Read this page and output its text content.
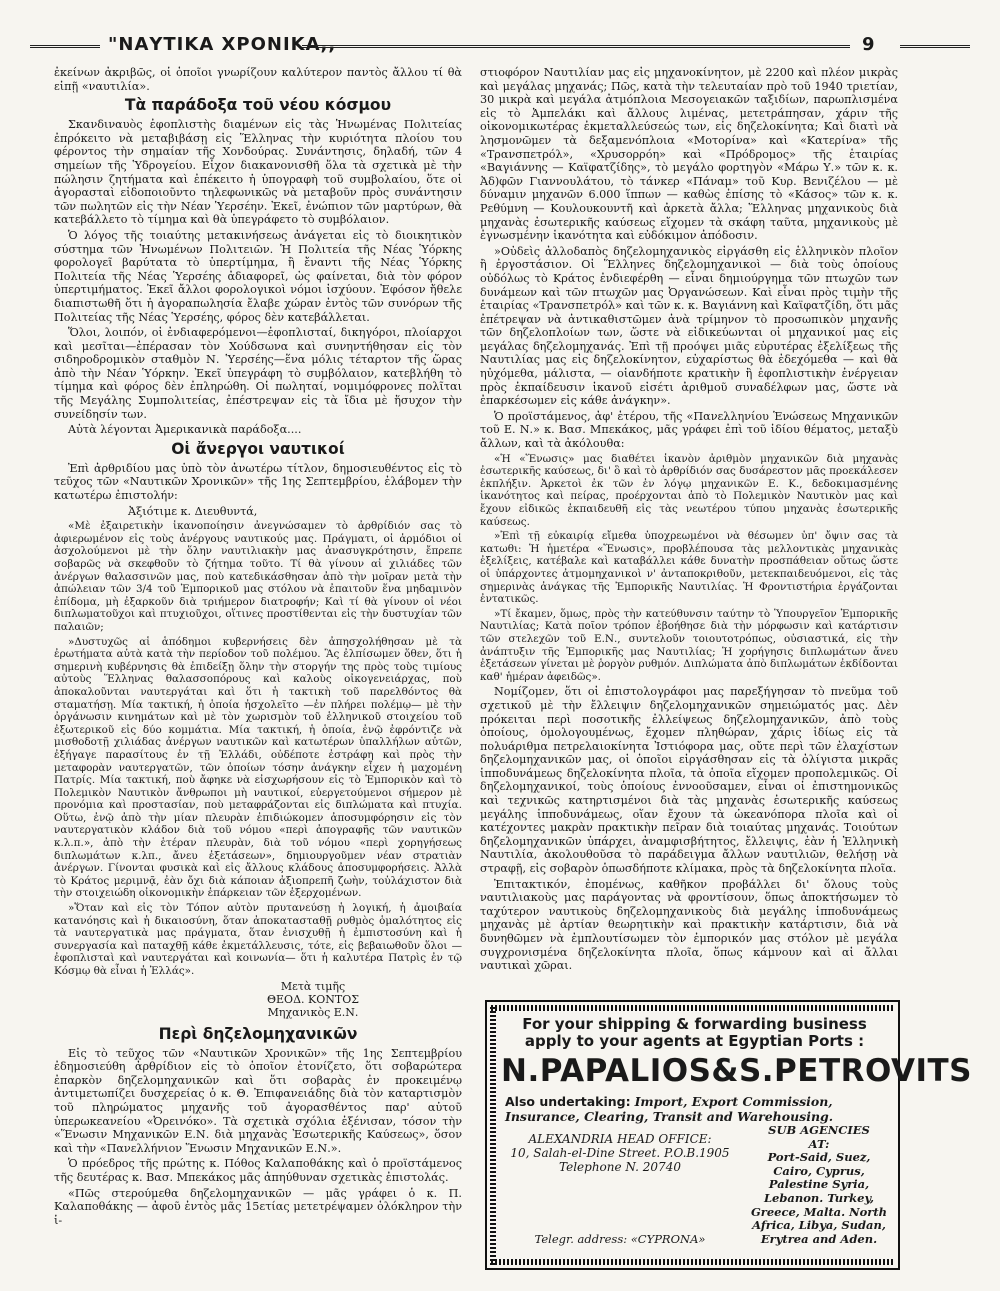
"ΝΑΥΤΙΚΑ ΧΡΟΝΙΚΑ,,	9

ἐκείνων ἀκριβῶς, οἱ ὁποῖοι γνωρίζουν καλύτερον παντὸς ἄλλου τί θὰ εἰπῇ «ναυτιλία».

Τὰ παράδοξα τοῦ νέου κόσμου

Σκανδιναυὸς ἐφοπλιστὴς διαμένων εἰς τὰς Ἡνωμένας Πολιτείας ἐπρόκειτο νὰ μεταβιβάσῃ εἰς Ἕλληνας τὴν κυριότητα πλοίου του φέροντος τὴν σημαίαν τῆς Χονδούρας. Συνάντησις, δηλαδή, τῶν 4 σημείων τῆς Ὑδρογείου. Εἶχον διακανονισθῆ ὅλα τὰ σχετικὰ μὲ τὴν πώλησιν ζητήματα καὶ ἐπέκειτο ἡ ὑπογραφὴ τοῦ συμβολαίου, ὅτε οἱ ἀγορασταὶ εἰδοποιοῦντο τηλεφωνικῶς νὰ μεταβοῦν πρὸς συνάντησιν τῶν πωλητῶν εἰς τὴν Νέαν Ὑερσέην. Ἐκεῖ, ἐνώπιον τῶν μαρτύρων, θὰ κατεβάλλετο τὸ τίμημα καὶ θὰ ὑπεγράφετο τὸ συμβόλαιον.

Ὁ λόγος τῆς τοιαύτης μετακινήσεως ἀνάγεται εἰς τὸ διοικητικὸν σύστημα τῶν Ἡνωμένων Πολιτειῶν. Ἡ Πολιτεία τῆς Νέας Ὑόρκης φορολογεῖ βαρύτατα τὸ ὑπερτίμημα, ἢ ἔναντι τῆς Νέας Ὑόρκης Πολιτεία τῆς Νέας Ὑερσέης ἀδιαφορεῖ, ὡς φαίνεται, διὰ τὸν φόρον ὑπερτιμήματος. Ἐκεῖ ἄλλοι φορολογικοὶ νόμοι ἰσχύουν. Ἐφόσον ἤθελε διαπιστωθῆ ὅτι ἡ ἀγοραπωλησία ἔλαβε χώραν ἐντὸς τῶν συνόρων τῆς Πολιτείας τῆς Νέας Ὑερσέης, φόρος δὲν κατεβάλλεται.

Ὅλοι, λοιπόν, οἱ ἐνδιαφερόμενοι—ἐφοπλισταί, δικηγόροι, πλοίαρχοι καὶ μεσῖται—ἐπέρασαν τὸν Χούδσωνα καὶ συνηντήθησαν εἰς τὸν σιδηροδρομικὸν σταθμὸν Ν. Ὑερσέης—ἕνα μόλις τέταρτον τῆς ὥρας ἀπὸ τὴν Νέαν Ὑόρκην. Ἐκεῖ ὑπεγράφη τὸ συμβόλαιον, κατεβλήθη τὸ τίμημα καὶ φόρος δὲν ἐπληρώθη. Οἱ πωληταί, νομιμόφρονες πολῖται τῆς Μεγάλης Συμπολιτείας, ἐπέστρεψαν εἰς τὰ ἴδια μὲ ἥσυχον τὴν συνείδησίν των.

Αὐτὰ λέγονται Ἀμερικανικὰ παράδοξα....

Οἱ ἄνεργοι ναυτικοί

Ἐπὶ ἀρθριδίου μας ὑπὸ τὸν ἀνωτέρω τίτλον, δημοσιευθέντος εἰς τὸ τεῦχος τῶν «Ναυτικῶν Χρονικῶν» τῆς 1ης Σεπτεμβρίου, ἐλάβομεν τὴν κατωτέρω ἐπιστολήν:

Ἀξιότιμε κ. Διευθυντά,

«Μὲ ἐξαιρετικὴν ἱκανοποίησιν ἀνεγνώσαμεν τὸ ἀρθρίδιόν σας τὸ ἀφιερωμένον εἰς τοὺς ἀνέργους ναυτικούς μας. Πράγματι, οἱ ἁρμόδιοι οἱ ἀσχολούμενοι μὲ τὴν ὅλην ναυτιλιακὴν μας ἀνασυγκρότησιν, ἔπρεπε σοβαρῶς νὰ σκεφθοῦν τὸ ζήτημα τοῦτο. Τί θὰ γίνουν αἱ χιλιάδες τῶν ἀνέργων θαλασσινῶν μας, ποὺ κατεδικάσθησαν ἀπὸ τὴν μοῖραν μετὰ τὴν ἀπώλειαν τῶν 3/4 τοῦ Ἐμπορικοῦ μας στόλου νὰ ἐπαιτοῦν ἕνα μηδαμινὸν ἐπίδομα, μὴ ἐξαρκοῦν διὰ τριήμερον διατροφήν; Καὶ τί θὰ γίνουν οἱ νέοι διπλωματοῦχοι καὶ πτυχιοῦχοι, οἵτινες προστίθενται εἰς τὴν δυστυχίαν τῶν παλαιῶν;

»Δυστυχῶς αἱ ἁπόδημοι κυβερνήσεις δὲν ἀπησχολήθησαν μὲ τὰ ἐρωτήματα αὐτὰ κατὰ τὴν περίοδον τοῦ πολέμου. Ἂς ἐλπίσωμεν ὅθεν, ὅτι ἡ σημερινὴ κυβέρνησις θὰ ἐπιδείξῃ ὅλην τὴν στοργήν της πρὸς τοὺς τιμίους αὐτοὺς Ἕλληνας θαλασσοπόρους καὶ καλοὺς οἰκογενειάρχας, ποὺ ἀποκαλοῦνται ναυτεργάται καὶ ὅτι ἡ τακτικὴ τοῦ παρελθόντος θὰ σταματήσῃ. Μία τακτική, ἡ ὁποία ἠσχολεῖτο —ἐν πλήρει πολέμῳ— μὲ τὴν ὀργάνωσιν κινημάτων καὶ μὲ τὸν χωρισμὸν τοῦ ἑλληνικοῦ στοιχείου τοῦ ἐξωτερικοῦ εἰς δύο κομμάτια. Μία τακτική, ἡ ὁποία, ἐνῷ ἐφρόντιζε νὰ μισθοδοτῇ χιλιάδας ἀνέργων ναυτικῶν καὶ κατωτέρων ὑπαλλήλων αὐτῶν, ἐξήγαγε παρασίτους ἐν τῇ Ἑλλάδι, οὐδέποτε ἐστράφη καὶ πρὸς τὴν μεταφορὰν ναυτεργατῶν, τῶν ὁποίων τόσην ἀνάγκην εἶχεν ἡ μαχομένη Πατρίς. Μία τακτική, ποὺ ἄφηκε νὰ εἰσχωρήσουν εἰς τὸ Ἐμπορικὸν καὶ τὸ Πολεμικὸν Ναυτικὸν ἄνθρωποι μὴ ναυτικοί, εὐεργετούμενοι σήμερον μὲ προνόμια καὶ προστασίαν, ποὺ μεταφράζονται εἰς διπλώματα καὶ πτυχία. Οὕτω, ἐνῷ ἀπὸ τὴν μίαν πλευρὰν ἐπιδιώκομεν ἀποσυμφόρησιν εἰς τὸν ναυτεργατικὸν κλάδον διὰ τοῦ νόμου «περὶ ἀπογραφῆς τῶν ναυτικῶν κ.λ.π.», ἀπὸ τὴν ἑτέραν πλευρὰν, διὰ τοῦ νόμου «περὶ χορηγήσεως διπλωμάτων κ.λπ., ἄνευ ἐξετάσεων», δημιουργοῦμεν νέαν στρατιὰν ἀνέργων. Γίνονται φυσικὰ καὶ εἰς ἄλλους κλάδους ἀποσυμφορήσεις. Ἀλλὰ τὸ Κράτος μεριμνᾷ, ἐὰν ὄχι διὰ κάποιαν ἀξιοπρεπῆ ζωὴν, τοὐλάχιστον διὰ τὴν στοιχειώδη οἰκονομικὴν ἐπάρκειαν τῶν ἐξερχομένων.

»Ὅταν καὶ εἰς τὸν Τόπον αὐτὸν πρυτανεύσῃ ἡ λογική, ἡ ἀμοιβαία κατανόησις καὶ ἡ δικαιοσύνη, ὅταν ἀποκατασταθῇ ρυθμὸς ὁμαλότητος εἰς τὰ ναυτεργατικὰ μας πράγματα, ὅταν ἐνισχυθῇ ἡ ἐμπιστοσύνη καὶ ἡ συνεργασία καὶ παταχθῇ κάθε ἐκμετάλλευσις, τότε, εἰς βεβαιωθοῦν ὅλοι —ἐφοπλισταὶ καὶ ναυτεργάται καὶ κοινωνία— ὅτι ἡ καλυτέρα Πατρὶς ἐν τῷ Κόσμῳ θὰ εἶναι ἡ Ἑλλάς».

Μετὰ τιμῆς
ΘΕΟΔ. ΚΟΝΤΟΣ
Μηχανικὸς Ε.Ν.
Περὶ δηζελομηχανικῶν

Εἰς τὸ τεῦχος τῶν «Ναυτικῶν Χρονικῶν» τῆς 1ης Σεπτεμβρίου ἐδημοσιεύθη ἀρθρίδιον εἰς τὸ ὁποῖον ἐτονίζετο, ὅτι σοβαρώτερα ἐπαρκὸν δηζελομηχανικῶν καὶ ὅτι σοβαρὰς ἐν προκειμένῳ ἀντιμετωπίζει δυσχερείας ὁ κ. Θ. Ἐπιφανειάδης διὰ τὸν καταρτισμὸν τοῦ πληρώματος μηχανῆς τοῦ ἀγορασθέντος παρ' αὐτοῦ ὑπερωκεανείου «Ὀρεινόκο». Τὰ σχετικὰ σχόλια ἐξένισαν, τόσον τὴν «Ἕνωσιν Μηχανικῶν Ε.Ν. διὰ μηχανὰς Ἐσωτερικῆς Καύσεως», ὅσον καὶ τὴν «Πανελλήνιον Ἕνωσιν Μηχανικῶν Ε.Ν.».

Ὁ πρόεδρος τῆς πρώτης κ. Πόθος Καλαποθάκης καὶ ὁ προϊστάμενος τῆς δευτέρας κ. Βασ. Μπεκάκος μᾶς ἀπηύθυναν σχετικὰς ἐπιστολάς.

«Πῶς στερούμεθα δηζελομηχανικῶν — μᾶς γράφει ὁ κ. Π. Καλαποθάκης — ἀφοῦ ἐντὸς μᾶς 15ετίας μετετρέψαμεν ὁλόκληρον τὴν ἱ-

στιοφόρον Ναυτιλίαν μας εἰς μηχανοκίνητον, μὲ 2200 καὶ πλέον μικρὰς καὶ μεγάλας μηχανάς; Πῶς, κατὰ τὴν τελευταίαν πρὸ τοῦ 1940 τριετίαν, 30 μικρὰ καὶ μεγάλα ἀτμόπλοια Μεσογειακῶν ταξιδίων, παρωπλισμένα εἰς τὸ Ἀμπελάκι καὶ ἄλλους λιμένας, μετετράπησαν, χάριν τῆς οἰκονομικωτέρας ἐκμεταλλεύσεώς των, εἰς δηζελοκίνητα; Καὶ διατὶ νὰ λησμονῶμεν τὰ δεξαμενόπλοια «Μοτορίνα» καὶ «Κατερίνα» τῆς «Τρανσπετρόλ», «Χρυσορρόη» καὶ «Πρόδρομος» τῆς ἑταιρίας «Βαγιάννης — Καϊφατζίδης», τὸ μεγάλο φορτηγὸν «Μάρω Υ.» τῶν κ. κ. Ἀδ)φῶν Γιαννουλάτου, τὸ τάνκερ «Πάναμ» τοῦ Κυρ. Βενιζέλου — μὲ δύναμιν μηχανῶν 6.000 ἵππων — καθὼς ἐπίσης τὸ «Κάσος» τῶν κ. κ. Ρεθύμνη — Κουλουκουντῆ καὶ ἀρκετὰ ἄλλα; Ἕλληνας μηχανικοὺς διὰ μηχανὰς ἐσωτερικῆς καύσεως εἴχομεν τὰ σκάφη ταῦτα, μηχανικοὺς μὲ ἐγνωσμένην ἱκανότητα καὶ εὐδόκιμον ἀπόδοσιν.

»Οὐδεὶς ἀλλοδαπὸς δηζελομηχανικὸς εἰργάσθη εἰς ἑλληνικὸν πλοῖον ἢ ἐργοστάσιον. Οἱ Ἕλληνες δηζελομηχανικοὶ — διὰ τοὺς ὁποίους οὐδόλως τὸ Κράτος ἐνδιεφέρθη — εἶναι δημιούργημα τῶν πτωχῶν των δυνάμεων καὶ τῶν πτωχῶν μας Ὀργανώσεων. Καὶ εἶναι πρὸς τιμὴν τῆς ἑταιρίας «Τρανσπετρόλ» καὶ τῶν κ. κ. Βαγιάννη καὶ Καϊφατζίδη, ὅτι μᾶς ἐπέτρεψαν νὰ ἀντικαθιστῶμεν ἀνὰ τρίμηνον τὸ προσωπικὸν μηχανῆς τῶν δηζελοπλοίων των, ὥστε νὰ εἰδικεύωνται οἱ μηχανικοί μας εἰς μεγάλας δηζελομηχανάς. Ἐπὶ τῇ προόψει μιᾶς εὐρυτέρας ἐξελίξεως τῆς Ναυτιλίας μας εἰς δηζελοκίνητον, εὐχαρίστως θὰ ἐδεχόμεθα — καὶ θὰ ηὐχόμεθα, μάλιστα, — οἱανδήποτε κρατικὴν ἢ ἐφοπλιστικὴν ἐνέργειαν πρὸς ἐκπαίδευσιν ἱκανοῦ εἰσέτι ἀριθμοῦ συναδέλφων μας, ὥστε νὰ ἐπαρκέσωμεν εἰς κάθε ἀνάγκην».

Ὁ προϊστάμενος, ἀφ' ἑτέρου, τῆς «Πανελληνίου Ἑνώσεως Μηχανικῶν τοῦ Ε. Ν.» κ. Βασ. Μπεκάκος, μᾶς γράφει ἐπὶ τοῦ ἰδίου θέματος, μεταξὺ ἄλλων, καὶ τὰ ἀκόλουθα:

«Ἡ «Ἕνωσις» μας διαθέτει ἱκανὸν ἀριθμὸν μηχανικῶν διὰ μηχανὰς ἐσωτερικῆς καύσεως, δι' ὃ καὶ τὸ ἀρθρίδιόν σας δυσάρεστον μᾶς προεκάλεσεν ἐκπλήξιν. Ἀρκετοὶ ἐκ τῶν ἐν λόγῳ μηχανικῶν Ε. Κ., δεδοκιμασμένης ἱκανότητος καὶ πείρας, προέρχονται ἀπὸ τὸ Πολεμικὸν Ναυτικὸν μας καὶ ἔχουν εἰδικῶς ἐκπαιδευθῆ εἰς τὰς νεωτέρου τύπου μηχανὰς ἐσωτερικῆς καύσεως.

»Ἐπὶ τῇ εὐκαιρίᾳ εἴμεθα ὑποχρεωμένοι νὰ θέσωμεν ὑπ' ὄψιν σας τὰ κατωθι: Ἡ ἡμετέρα «Ἕνωσις», προβλέπουσα τὰς μελλοντικὰς μηχανικὰς ἐξελίξεις, κατέβαλε καὶ καταβάλλει κάθε δυνατὴν προσπάθειαν οὕτως ὥστε οἱ ὑπάρχοντες ἀτμομηχανικοὶ ν' ἀνταποκριθοῦν, μετεκπαιδευόμενοι, εἰς τὰς σημερινὰς ἀνάγκας τῆς Ἐμπορικῆς Ναυτιλίας. Ἡ Φροντιστήρια ἐργάζονται ἐντατικῶς.

»Τί ἔκαμεν, ὅμως, πρὸς τὴν κατεύθυνσιν ταύτην τὸ Ὑπουργεῖον Ἐμπορικῆς Ναυτιλίας; Κατὰ ποῖον τρόπον ἐβοήθησε διὰ τὴν μόρφωσιν καὶ κατάρτισιν τῶν στελεχῶν τοῦ Ε.Ν., συντελοῦν τοιουτοτρόπως, οὐσιαστικά, εἰς τὴν ἀνάπτυξιν τῆς Ἐμπορικῆς μας Ναυτιλίας; Ἡ χορήγησις διπλωμάτων ἄνευ ἐξετάσεων γίνεται μὲ ῥοργὸν ρυθμόν. Διπλώματα ἀπὸ διπλωμάτων ἐκδίδονται καθ' ἡμέραν ἀφειδῶς».

Νομίζομεν, ὅτι οἱ ἐπιστολογράφοι μας παρεξήγησαν τὸ πνεῦμα τοῦ σχετικοῦ μὲ τὴν ἔλλειψιν δηζελομηχανικῶν σημειώματός μας. Δὲν πρόκειται περὶ ποσοτικῆς ἐλλείψεως δηζελομηχανικῶν, ἀπὸ τοὺς ὁποίους, ὁμολογουμένως, ἔχομεν πληθώραν, χάρις ἰδίως εἰς τὰ πολυάριθμα πετρελαιοκίνητα Ἰστιόφορα μας, οὔτε περὶ τῶν ἐλαχίστων δηζελομηχανικῶν μας, οἱ ὁποῖοι εἰργάσθησαν εἰς τὰ ὀλίγιστα μικρᾶς ἱπποδυνάμεως δηζελοκίνητα πλοῖα, τὰ ὁποῖα εἴχομεν προπολεμικῶς. Οἱ δηζελομηχανικοί, τοὺς ὁποίους ἐννοοῦσαμεν, εἶναι οἱ ἐπιστημονικῶς καὶ τεχνικῶς κατηρτισμένοι διὰ τὰς μηχανὰς ἐσωτερικῆς καύσεως μεγάλης ἱπποδυνάμεως, οἵαν ἔχουν τὰ ὠκεανόπορα πλοῖα καὶ οἱ κατέχοντες μακρὰν πρακτικὴν πεῖραν διὰ τοιαύτας μηχανάς. Τοιούτων δηζελομηχανικῶν ὑπάρχει, ἀναμφισβήτητος, ἔλλειψις, ἐὰν ἡ Ἑλληνικὴ Ναυτιλία, ἀκολουθοῦσα τὸ παράδειγμα ἄλλων ναυτιλιῶν, θελήσῃ νὰ στραφῇ, εἰς σοβαρὸν ὁπωσδήποτε κλίμακα, πρὸς τὰ δηζελοκίνητα πλοῖα.

Ἐπιτακτικόν, ἐπομένως, καθῆκον προβάλλει δι' ὅλους τοὺς ναυτιλιακοὺς μας παράγοντας νὰ φροντίσουν, ὅπως ἀποκτήσωμεν τὸ ταχύτερον ναυτικοὺς δηζελομηχανικοὺς διὰ μεγάλης ἱπποδυνάμεως μηχανὰς μὲ ἀρτίαν θεωρητικὴν καὶ πρακτικὴν κατάρτισιν, διὰ νὰ δυνηθῶμεν νὰ ἐμπλουτίσωμεν τὸν ἐμπορικόν μας στόλον μὲ μεγάλα συγχρονισμένα δηζελοκίνητα πλοῖα, ὅπως κάμνουν καὶ αἱ ἄλλαι ναυτικαὶ χῶραι.

For your shipping & forwarding business
apply to your agents at Egyptian Ports :
N.PAPALIOS&S.PETROVITS
Also undertaking: Import, Export Commission, Insurance, Clearing, Transit and Warehousing.
ALEXANDRIA HEAD OFFICE:
10, Salah-el-Dine Street. P.O.B.1905
Telephone N. 20740
Telegr. address: «CYPRONA»
SUB AGENCIES
AT:
Port-Said, Suez, Cairo, Cyprus, Palestine Syria, Lebanon. Turkey, Greece, Malta. North Africa, Libya, Sudan, Erytrea and Aden.
